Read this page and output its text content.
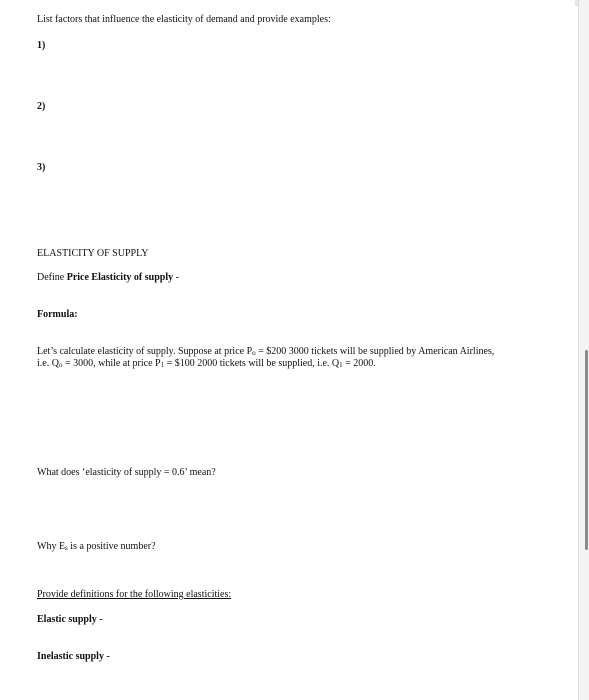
List factors that influence the elasticity of demand and provide examples:
1)
2)
3)
ELASTICITY OF SUPPLY
Define Price Elasticity of supply -
Formula:
Let’s calculate elasticity of supply. Suppose at price $P_o$ = $200 3000 tickets will be supplied by American Airlines,
i.e. $Q_o = 3000$, while at price $P_1$ = $100 2000 tickets will be supplied, i.e. $Q_1 = 2000$.
What does ‘elasticity of supply = 0.6’ mean?
Why $E_s$ is a positive number?
Provide definitions for the following elasticities:
Elastic supply -
Inelastic supply -
